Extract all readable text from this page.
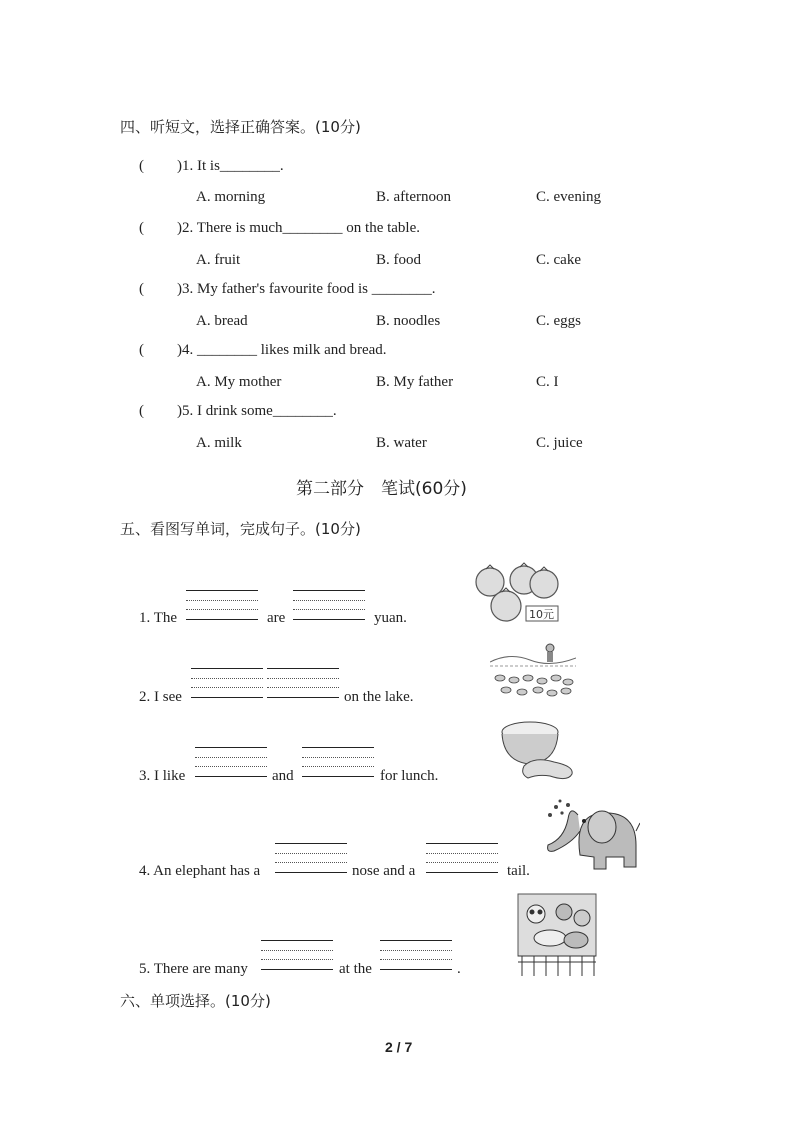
四、听短文，选择正确答案。(10分)
( )1. It is________.
A. morning	B. afternoon	C. evening
( )2. There is much________ on the table.
A. fruit	B. food	C. cake
( )3. My father's favourite food is ________.
A. bread	B. noodles	C. eggs
( )4. ________ likes milk and bread.
A. My mother	B. My father	C. I
( )5. I drink some________.
A. milk	B. water	C. juice
第二部分　笔试(60分)
五、看图写单词，完成句子。(10分)
1. The	are	yuan.	10元
2. I see	on the lake.
3. I like	and	for lunch.
4. An elephant has a	nose and a	tail.
5. There are many	at the	.
六、单项选择。(10分)
2 / 7
